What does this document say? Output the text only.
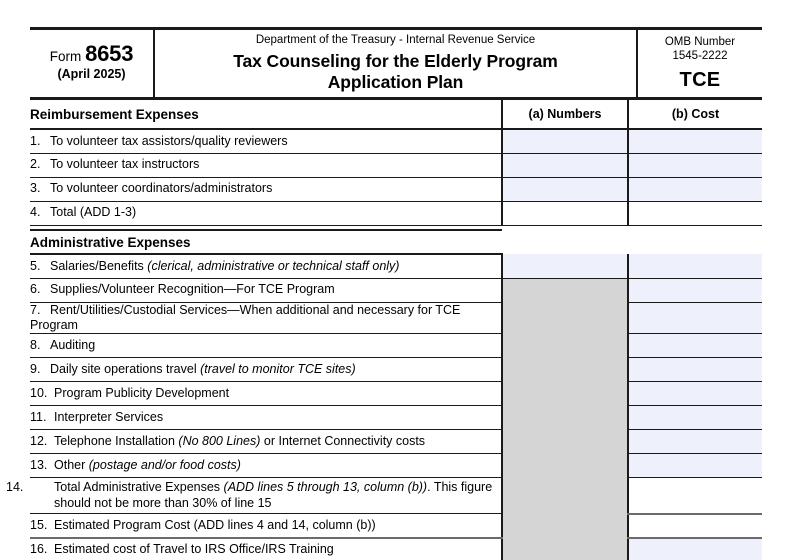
Form 8653
(April 2025)
Department of the Treasury - Internal Revenue Service
Tax Counseling for the Elderly Program
Application Plan
OMB Number
1545-2222
TCE
Reimbursement Expenses	(a) Numbers	(b) Cost
1. To volunteer tax assistors/quality reviewers		
2. To volunteer tax instructors		
3. To volunteer coordinators/administrators		
4. Total (ADD 1-3)		

Administrative Expenses		
5. Salaries/Benefits (clerical, administrative or technical staff only)		
6. Supplies/Volunteer Recognition—For TCE Program		
7. Rent/Utilities/Custodial Services—When additional and necessary for TCE Program		
8. Auditing		
9. Daily site operations travel (travel to monitor TCE sites)		
10. Program Publicity Development		
11. Interpreter Services		
12. Telephone Installation (No 800 Lines) or Internet Connectivity costs		
13. Other (postage and/or food costs)		

14. Total Administrative Expenses (ADD lines 5 through 13, column (b)). This figure should not be more than 30% of line 15		

15. Estimated Program Cost (ADD lines 4 and 14, column (b))		
16. Estimated cost of Travel to IRS Office/IRS Training		
